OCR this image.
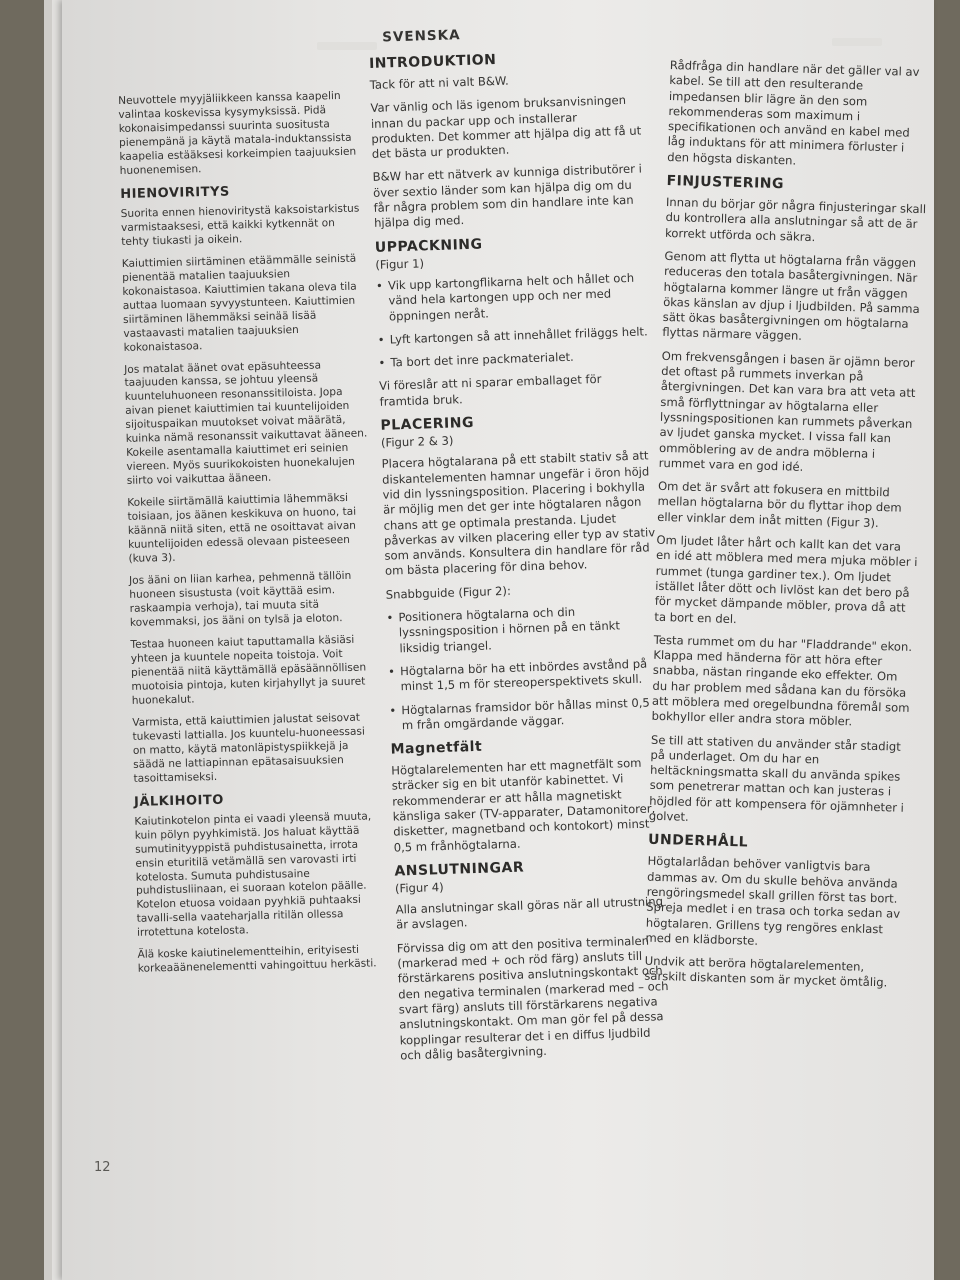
Neuvottele myyjäliikkeen kanssa kaapelin valintaa koskevissa kysymyksissä. Pidä kokonaisimpedanssi suurinta suositusta pienempänä ja käytä matala-induktanssista kaapelia estääksesi korkeimpien taajuuksien huonenemisen.

HIENOVIRITYS

Suorita ennen hienoviritystä kaksoistarkistus varmistaaksesi, että kaikki kytkennät on tehty tiukasti ja oikein.

Kaiuttimien siirtäminen etäämmälle seinistä pienentää matalien taajuuksien kokonaistasoa. Kaiuttimien takana oleva tila auttaa luomaan syvyystunteen. Kaiuttimien siirtäminen lähemmäksi seinää lisää vastaavasti matalien taajuuksien kokonaistasoa.

Jos matalat äänet ovat epäsuhteessa taajuuden kanssa, se johtuu yleensä kuunteluhuoneen resonanssitiloista. Jopa aivan pienet kaiuttimien tai kuuntelijoiden sijoituspaikan muutokset voivat määrätä, kuinka nämä resonanssit vaikuttavat ääneen. Kokeile asentamalla kaiuttimet eri seinien viereen. Myös suurikokoisten huonekalujen siirto voi vaikuttaa ääneen.

Kokeile siirtämällä kaiuttimia lähemmäksi toisiaan, jos äänen keskikuva on huono, tai käännä niitä siten, että ne osoittavat aivan kuuntelijoiden edessä olevaan pisteeseen (kuva 3).

Jos ääni on liian karhea, pehmennä tällöin huoneen sisustusta (voit käyttää esim. raskaampia verhoja), tai muuta sitä kovemmaksi, jos ääni on tylsä ja eloton.

Testaa huoneen kaiut taputtamalla käsiäsi yhteen ja kuuntele nopeita toistoja. Voit pienentää niitä käyttämällä epäsäännöllisen muotoisia pintoja, kuten kirjahyllyt ja suuret huonekalut.

Varmista, että kaiuttimien jalustat seisovat tukevasti lattialla. Jos kuuntelu-huoneessasi on matto, käytä matonläpistyspiikkejä ja säädä ne lattiapinnan epätasaisuuksien tasoittamiseksi.

JÄLKIHOITO

Kaiutinkotelon pinta ei vaadi yleensä muuta, kuin pölyn pyyhkimistä. Jos haluat käyttää sumutinityyppistä puhdistusainetta, irrota ensin eturitilä vetämällä sen varovasti irti kotelosta. Sumuta puhdistusaine puhdistusliinaan, ei suoraan kotelon päälle. Kotelon etuosa voidaan pyyhkiä puhtaaksi tavalli-sella vaateharjalla ritilän ollessa irrotettuna kotelosta.

Älä koske kaiutinelementteihin, erityisesti korkeaäänenelementti vahingoittuu herkästi.

SVENSKA
INTRODUKTION

Tack för att ni valt B&W.

Var vänlig och läs igenom bruksanvisningen innan du packar upp och installerar produkten. Det kommer att hjälpa dig att få ut det bästa ur produkten.

B&W har ett nätverk av kunniga distributörer i över sextio länder som kan hjälpa dig om du får några problem som din handlare inte kan hjälpa dig med.

UPPACKNING

(Figur 1)

• Vik upp kartongflikarna helt och hållet och vänd hela kartongen upp och ner med öppningen neråt.
• Lyft kartongen så att innehållet friläggs helt.
• Ta bort det inre packmaterialet.

Vi föreslår att ni sparar emballaget för framtida bruk.

PLACERING

(Figur 2 & 3)

Placera högtalarana på ett stabilt stativ så att diskantelementen hamnar ungefär i öron höjd vid din lyssningsposition. Placering i bokhylla är möjlig men det ger inte högtalaren någon chans att ge optimala prestanda. Ljudet påverkas av vilken placering eller typ av stativ som används. Konsultera din handlare för råd om bästa placering för dina behov.

Snabbguide (Figur 2):

• Positionera högtalarna och din lyssningsposition i hörnen på en tänkt liksidig triangel.
• Högtalarna bör ha ett inbördes avstånd på minst 1,5 m för stereoperspektivets skull.
• Högtalarnas framsidor bör hållas minst 0,5 m från omgärdande väggar.
Magnetfält

Högtalarelementen har ett magnetfält som sträcker sig en bit utanför kabinettet. Vi rekommenderar er att hålla magnetiskt känsliga saker (TV-apparater, Datamonitorer, disketter, magnetband och kontokort) minst 0,5 m frånhögtalarna.

ANSLUTNINGAR

(Figur 4)

Alla anslutningar skall göras när all utrustning är avslagen.

Förvissa dig om att den positiva terminalen (markerad med + och röd färg) ansluts till förstärkarens positiva anslutningskontakt och den negativa terminalen (markerad med – och svart färg) ansluts till förstärkarens negativa anslutningskontakt. Om man gör fel på dessa kopplingar resulterar det i en diffus ljudbild och dålig basåtergivning.

Rådfråga din handlare när det gäller val av kabel. Se till att den resulterande impedansen blir lägre än den som rekommenderas som maximum i specifikationen och använd en kabel med låg induktans för att minimera förluster i den högsta diskanten.

FINJUSTERING

Innan du börjar gör några finjusteringar skall du kontrollera alla anslutningar så att de är korrekt utförda och säkra.

Genom att flytta ut högtalarna från väggen reduceras den totala basåtergivningen. När högtalarna kommer längre ut från väggen ökas känslan av djup i ljudbilden. På samma sätt ökas basåtergivningen om högtalarna flyttas närmare väggen.

Om frekvensgången i basen är ojämn beror det oftast på rummets inverkan på återgivningen. Det kan vara bra att veta att små förflyttningar av högtalarna eller lyssningspositionen kan rummets påverkan av ljudet ganska mycket. I vissa fall kan ommöblering av de andra möblerna i rummet vara en god idé.

Om det är svårt att fokusera en mittbild mellan högtalarna bör du flyttar ihop dem eller vinklar dem inåt mitten (Figur 3).

Om ljudet låter hårt och kallt kan det vara en idé att möblera med mera mjuka möbler i rummet (tunga gardiner tex.). Om ljudet istället låter dött och livlöst kan det bero på för mycket dämpande möbler, prova då att ta bort en del.

Testa rummet om du har "Fladdrande" ekon. Klappa med händerna för att höra efter snabba, nästan ringande eko effekter. Om du har problem med sådana kan du försöka att möblera med oregelbundna föremål som bokhyllor eller andra stora möbler.

Se till att stativen du använder står stadigt på underlaget. Om du har en heltäckningsmatta skall du använda spikes som penetrerar mattan och kan justeras i höjdled för att kompensera för ojämnheter i golvet.

UNDERHÅLL

Högtalarlådan behöver vanligtvis bara dammas av. Om du skulle behöva använda rengöringsmedel skall grillen först tas bort. Spreja medlet i en trasa och torka sedan av högtalaren. Grillens tyg rengöres enklast med en klädborste.

Undvik att beröra högtalarelementen, särskilt diskanten som är mycket ömtålig.

12
